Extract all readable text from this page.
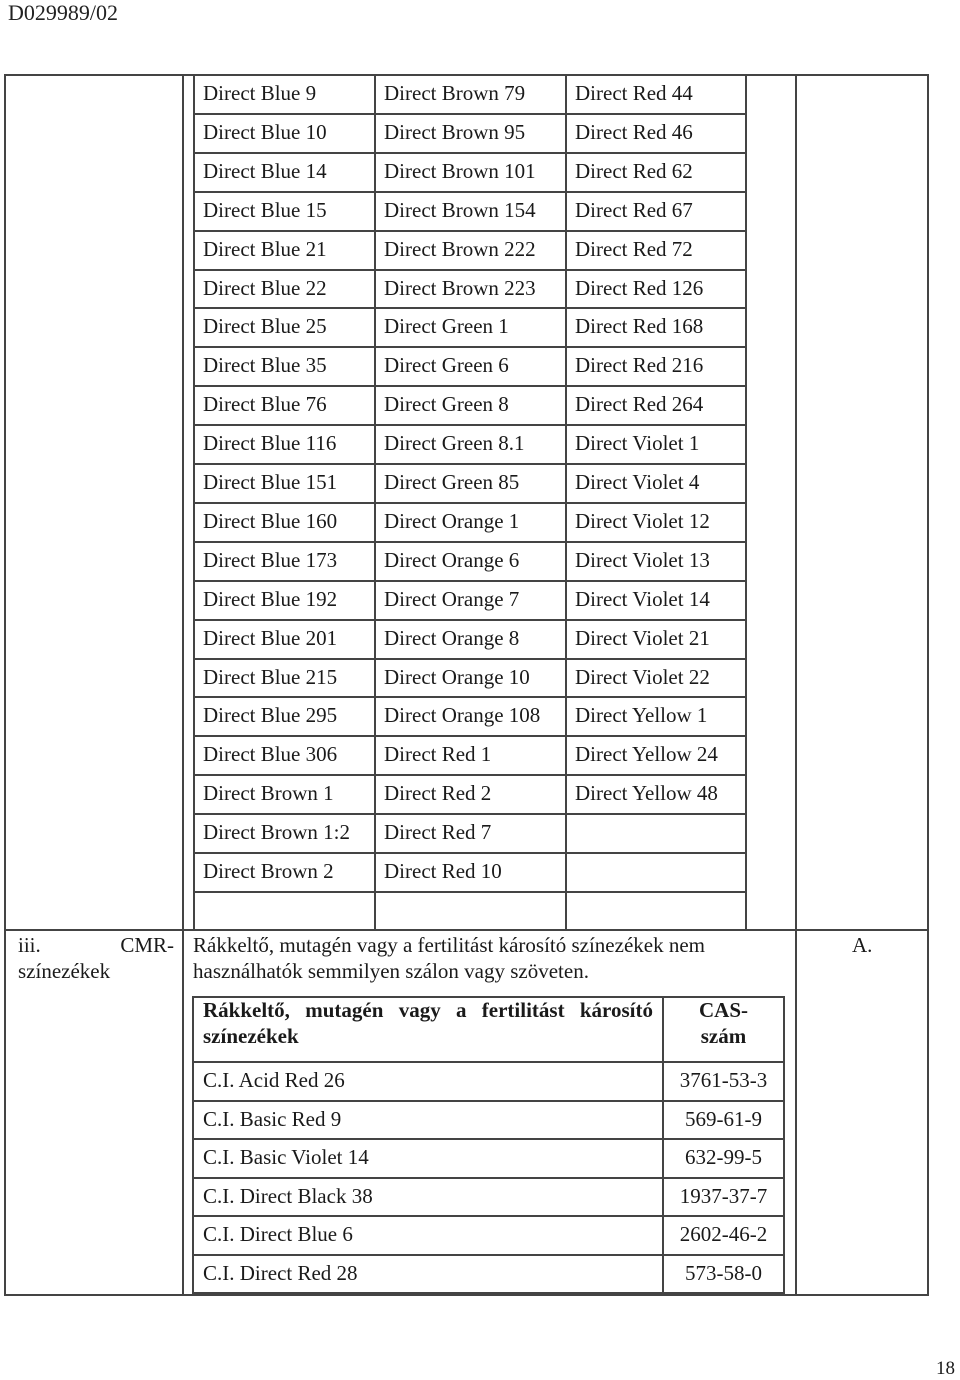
D029989/02
Direct Blue 9	Direct Brown 79	Direct Red 44
Direct Blue 10	Direct Brown 95	Direct Red 46
Direct Blue 14	Direct Brown 101	Direct Red 62
Direct Blue 15	Direct Brown 154	Direct Red 67
Direct Blue 21	Direct Brown 222	Direct Red 72
Direct Blue 22	Direct Brown 223	Direct Red 126
Direct Blue 25	Direct Green 1	Direct Red 168
Direct Blue 35	Direct Green 6	Direct Red 216
Direct Blue 76	Direct Green 8	Direct Red 264
Direct Blue 116	Direct Green 8.1	Direct Violet 1
Direct Blue 151	Direct Green 85	Direct Violet 4
Direct Blue 160	Direct Orange 1	Direct Violet 12
Direct Blue 173	Direct Orange 6	Direct Violet 13
Direct Blue 192	Direct Orange 7	Direct Violet 14
Direct Blue 201	Direct Orange 8	Direct Violet 21
Direct Blue 215	Direct Orange 10	Direct Violet 22
Direct Blue 295	Direct Orange 108	Direct Yellow 1
Direct Blue 306	Direct Red 1	Direct Yellow 24
Direct Brown 1	Direct Red 2	Direct Yellow 48
Direct Brown 1:2	Direct Red 7
Direct Brown 2	Direct Red 10
iii.	CMR-
színezékek
Rákkeltő, mutagén vagy a fertilitást károsító színezékek nem
használhatók semmilyen szálon vagy szöveten.
A.
Rákkeltő, mutagén vagy a fertilitást károsító színezékek
CAS-
szám
C.I. Acid Red 26	3761-53-3
C.I. Basic Red 9	569-61-9
C.I. Basic Violet 14	632-99-5
C.I. Direct Black 38	1937-37-7
C.I. Direct Blue 6	2602-46-2
C.I. Direct Red 28	573-58-0
18
